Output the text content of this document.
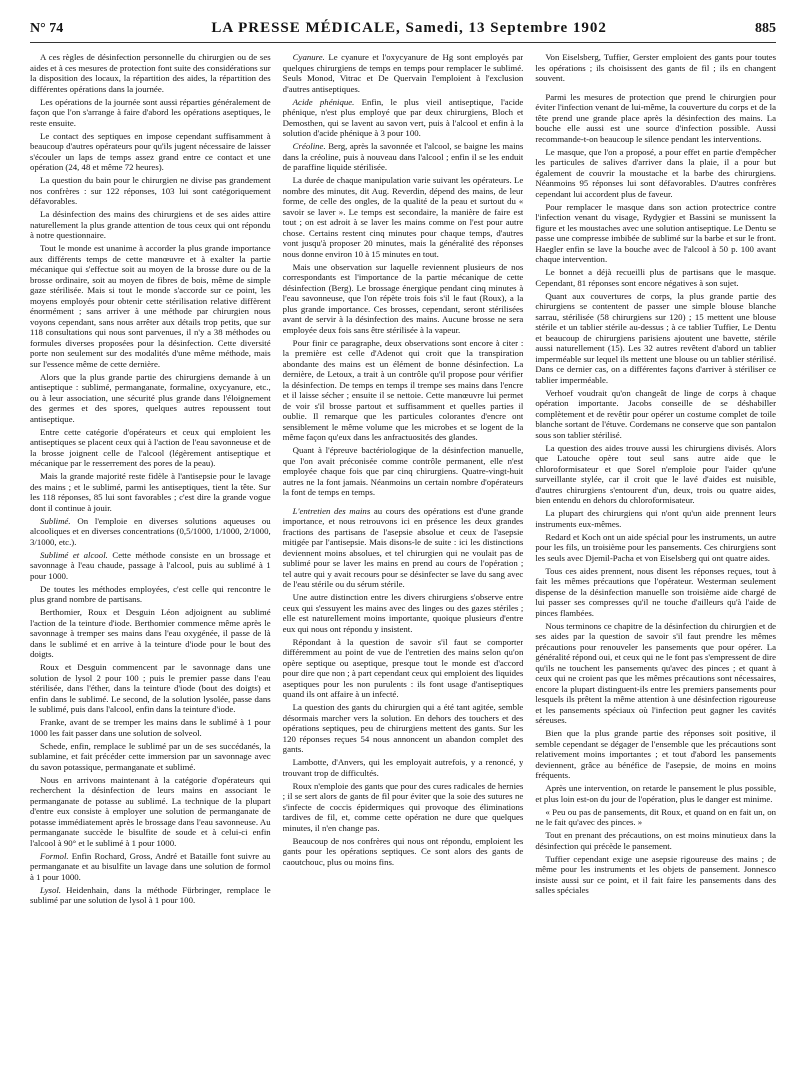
N° 74	LA PRESSE MÉDICALE, Samedi, 13 Septembre 1902	885

A ces règles de désinfection personnelle du chirurgien ou de ses aides et à ces mesures de protection font suite des considérations sur la disposition des locaux, la répartition des aides, la répartition des différentes opérations dans la journée.

Les opérations de la journée sont aussi réparties généralement de façon que l'on s'arrange à faire d'abord les opérations aseptiques, le reste ensuite.

Le contact des septiques en impose cependant suffisamment à beaucoup d'autres opérateurs pour qu'ils jugent nécessaire de laisser s'écouler un laps de temps assez grand entre ce contact et une opération (24, 48 et même 72 heures).

La question du bain pour le chirurgien ne divise pas grandement nos confrères : sur 122 réponses, 103 lui sont catégoriquement défavorables.

La désinfection des mains des chirurgiens et de ses aides attire naturellement la plus grande attention de tous ceux qui ont répondu à notre questionnaire.

Tout le monde est unanime à accorder la plus grande importance aux différents temps de cette manœuvre et à exalter la partie mécanique qui s'effectue soit au moyen de la brosse dure ou de la brosse ordinaire, soit au moyen de fibres de bois, même de simple gaze stérilisée. Mais si tout le monde s'accorde sur ce point, les moyens employés pour obtenir cette stérilisation relative diffèrent énormément ; sans arriver à une méthode par chirurgien nous voyons cependant, sans nous arrêter aux détails trop petits, que sur 118 consultations qui nous sont parvenues, il n'y a 38 méthodes ou formules diverses proposées pour la désinfection. Cette diversité porte non seulement sur des modalités d'une même méthode, mais sur l'essence même de cette dernière.

Alors que la plus grande partie des chirurgiens demande à un antiseptique : sublimé, permanganate, formaline, oxycyanure, etc., ou à leur association, une sécurité plus grande dans l'éloignement des germes et des spores, quelques autres repoussent tout antiseptique.

Entre cette catégorie d'opérateurs et ceux qui emploient les antiseptiques se placent ceux qui à l'action de l'eau savonneuse et de la brosse joignent celle de l'alcool (légèrement antiseptique et mécanique par le resserrement des pores de la peau).

Mais la grande majorité reste fidèle à l'antisepsie pour le lavage des mains ; et le sublimé, parmi les antiseptiques, tient la tête. Sur les 118 réponses, 85 lui sont favorables ; c'est dire la grande vogue dont il continue à jouir.

Sublimé. On l'emploie en diverses solutions aqueuses ou alcooliques et en diverses concentrations (0,5/1000, 1/1000, 2/1000, 3/1000, etc.).

Sublimé et alcool. Cette méthode consiste en un brossage et savonnage à l'eau chaude, passage à l'alcool, puis au sublimé à 1 pour 1000.

De toutes les méthodes employées, c'est celle qui rencontre le plus grand nombre de partisans.

Berthomier, Roux et Desguin Léon adjoignent au sublimé l'action de la teinture d'iode. Berthomier commence même après le savonnage à tremper ses mains dans l'eau oxygénée, il passe de là dans le sublimé et en arrive à la teinture d'iode pour le bout des doigts.

Roux et Desguin commencent par le savonnage dans une solution de lysol 2 pour 100 ; puis le premier passe dans l'eau stérilisée, dans l'éther, dans la teinture d'iode (bout des doigts) et enfin dans le sublimé. Le second, de la solution lysolée, passe dans le sublimé, puis dans l'alcool, enfin dans la teinture d'iode.

Franke, avant de se tremper les mains dans le sublimé à 1 pour 1000 les fait passer dans une solution de solveol.

Schede, enfin, remplace le sublimé par un de ses succédanés, la sublamine, et fait précéder cette immersion par un savonnage avec du savon potassique, permanganate et sublimé.

Nous en arrivons maintenant à la catégorie d'opérateurs qui recherchent la désinfection de leurs mains en associant le permanganate de potasse au sublimé. La technique de la plupart d'entre eux consiste à employer une solution de permanganate de potasse immédiatement après le brossage dans l'eau savonneuse. Au permanganate succède le bisulfite de soude et à celui-ci enfin l'alcool à 90° et le sublimé à 1 pour 1000.

Formol. Enfin Rochard, Gross, André et Bataille font suivre au permanganate et au bisulfite un lavage dans une solution de formol à 1 pour 1000.

Lysol. Heidenhain, dans la méthode Fürbringer, remplace le sublimé par une solution de lysol à 1 pour 100.

Cyanure. Le cyanure et l'oxycyanure de Hg sont employés par quelques chirurgiens de temps en temps pour remplacer le sublimé. Seuls Monod, Vitrac et De Quervain l'emploient à l'exclusion d'autres antiseptiques.

Acide phénique. Enfin, le plus vieil antiseptique, l'acide phénique, n'est plus employé que par deux chirurgiens, Bloch et Demosthen, qui se lavent au savon vert, puis à l'alcool et enfin à la solution d'acide phénique à 3 pour 100.

Créoline. Berg, après la savonnée et l'alcool, se baigne les mains dans la créoline, puis à nouveau dans l'alcool ; enfin il se les enduit de paraffine liquide stérilisée.

La durée de chaque manipulation varie suivant les opérateurs. Le nombre des minutes, dit Aug. Reverdin, dépend des mains, de leur forme, de celle des ongles, de la qualité de la peau et surtout du « savoir se laver ». Le temps est secondaire, la manière de faire est tout ; on est adroit à se laver les mains comme on l'est pour autre chose. Certains restent cinq minutes pour chaque temps, d'autres vont jusqu'à proposer 20 minutes, mais la généralité des réponses nous donne environ 10 à 15 minutes en tout.

Mais une observation sur laquelle reviennent plusieurs de nos correspondants est l'importance de la partie mécanique de cette désinfection (Berg). Le brossage énergique pendant cinq minutes à l'eau savonneuse, que l'on répète trois fois s'il le faut (Roux), a la plus grande importance. Ces brosses, cependant, seront stérilisées avant de servir à la désinfection des mains. Aucune brosse ne sera employée deux fois sans être stérilisée à la vapeur.

Pour finir ce paragraphe, deux observations sont encore à citer : la première est celle d'Adenot qui croit que la transpiration abondante des mains est un élément de bonne désinfection. La dernière, de Letoux, a trait à un contrôle qu'il propose pour vérifier la désinfection. De temps en temps il trempe ses mains dans l'encre et il laisse sécher ; ensuite il se nettoie. Cette manœuvre lui permet de voir s'il brosse partout et suffisamment et quelles parties il oublie. Il remarque que les particules colorantes d'encre ont sensiblement le même volume que les microbes et se logent de la même façon qu'eux dans les anfractuosités des glandes.

Quant à l'épreuve bactériologique de la désinfection manuelle, que l'on avait préconisée comme contrôle permanent, elle n'est employée chaque fois que par cinq chirurgiens. Quatre-vingt-huit autres ne la font jamais. Néanmoins un certain nombre d'opérateurs la font de temps en temps.

L'entretien des mains au cours des opérations est d'une grande importance, et nous retrouvons ici en présence les deux grandes fractions des partisans de l'asepsie absolue et ceux de l'asepsie mitigée par l'antisepsie. Mais disons-le de suite : ici les distinctions deviennent moins absolues, et tel chirurgien qui ne voulait pas de sublimé pour se laver les mains en prend au cours de l'opération ; tel autre qui y avait recours pour se désinfecter se lave du sang avec de l'eau stérile ou du sérum stérile.

Une autre distinction entre les divers chirurgiens s'observe entre ceux qui s'essuyent les mains avec des linges ou des gazes stériles ; elle est naturellement moins importante, quoique plusieurs d'entre eux qui nous ont répondu y insistent.

Répondant à la question de savoir s'il faut se comporter différemment au point de vue de l'entretien des mains selon qu'on opère septique ou aseptique, presque tout le monde est d'accord pour dire que non ; à part cependant ceux qui emploient des liquides aseptiques pour les non purulents : ils font usage d'antiseptiques quand ils ont affaire à un infecté.

La question des gants du chirurgien qui a été tant agitée, semble désormais marcher vers la solution. En dehors des touchers et des opérations septiques, peu de chirurgiens mettent des gants. Sur les 120 réponses reçues 54 nous annoncent un abandon complet des gants.

Lambotte, d'Anvers, qui les employait autrefois, y a renoncé, y trouvant trop de difficultés.

Roux n'emploie des gants que pour des cures radicales de hernies ; il se sert alors de gants de fil pour éviter que la soie des sutures ne s'infecte de coccis épidermiques qui provoque des éliminations tardives de fil, et, comme cette opération ne dure que quelques minutes, il n'en change pas.

Beaucoup de nos confrères qui nous ont répondu, emploient les gants pour les opérations septiques. Ce sont alors des gants de caoutchouc, plus ou moins fins.

Von Eiselsberg, Tuffier, Gerster emploient des gants pour toutes les opérations ; ils choisissent des gants de fil ; ils en changent souvent.

Parmi les mesures de protection que prend le chirurgien pour éviter l'infection venant de lui-même, la couverture du corps et de la tête prend une grande place après la désinfection des mains. La bouche elle aussi est une source d'infection possible. Aussi recommande-t-on beaucoup le silence pendant les interventions.

Le masque, que l'on a proposé, a pour effet en partie d'empêcher les particules de salives d'arriver dans la plaie, il a pour but également de couvrir la moustache et la barbe des chirurgiens. Néanmoins 95 réponses lui sont défavorables. D'autres confrères cependant lui accordent plus de faveur.

Pour remplacer le masque dans son action protectrice contre l'infection venant du visage, Rydygier et Bassini se munissent la figure et les moustaches avec une solution antiseptique. Le Dentu se passe une compresse imbibée de sublimé sur la barbe et sur le front. Haegler enfin se lave la bouche avec de l'alcool à 50 p. 100 avant chaque intervention.

Le bonnet a déjà recueilli plus de partisans que le masque. Cependant, 81 réponses sont encore négatives à son sujet.

Quant aux couvertures de corps, la plus grande partie des chirurgiens se contentent de passer une simple blouse blanche sarrau, stérilisée (58 chirurgiens sur 120) ; 15 mettent une blouse stérile et un tablier stérile au-dessus ; à ce tablier Tuffier, Le Dentu et beaucoup de chirurgiens parisiens ajoutent une bavette, stérile aussi naturellement (15). Les 32 autres revêtent d'abord un tablier imperméable sur lequel ils mettent une blouse ou un tablier stérilisé. Dans ce dernier cas, on a différentes façons d'arriver à stériliser ce tablier imperméable.

Verhoef voudrait qu'on changeât de linge de corps à chaque opération importante. Jacobs conseille de se déshabiller complètement et de revêtir pour opérer un costume complet de toile blanche sortant de l'étuve. Cordemans ne conserve que son pantalon sous son tablier stérilisé.

La question des aides trouve aussi les chirurgiens divisés. Alors que Latouche opère tout seul sans autre aide que le chloroformisateur et que Sorel n'emploie pour l'aider qu'une surveillante stylée, car il croit que le lavé d'aides est nuisible, d'autres chirurgiens s'entourent d'un, deux, trois ou quatre aides, bien entendu en dehors du chloroformisateur.

La plupart des chirurgiens qui n'ont qu'un aide prennent leurs instruments eux-mêmes.

Redard et Koch ont un aide spécial pour les instruments, un autre pour les fils, un troisième pour les pansements. Ces chirurgiens sont les seuls avec Djemil-Pacha et von Eiselsberg qui ont quatre aides.

Tous ces aides prennent, nous disent les réponses reçues, tout à fait les mêmes précautions que l'opérateur. Westerman seulement dispense de la désinfection manuelle son troisième aide chargé de lui passer ses compresses qu'il ne touche d'ailleurs qu'à l'aide de pinces flambées.

Nous terminons ce chapitre de la désinfection du chirurgien et de ses aides par la question de savoir s'il faut prendre les mêmes précautions pour renouveler les pansements que pour opérer. La généralité répond oui, et ceux qui ne le font pas s'empressent de dire qu'ils ne touchent les pansements qu'avec des pinces ; et quant à ceux qui ne croient pas que les mêmes précautions sont nécessaires, encore la plupart distinguent-ils entre les premiers pansements pour lesquels ils prêtent la même attention à une désinfection rigoureuse et les pansements spéciaux où l'infection peut gagner les cavités séreuses.

Bien que la plus grande partie des réponses soit positive, il semble cependant se dégager de l'ensemble que les précautions sont relativement moins importantes ; et tout d'abord les pansements deviennent, grâce au bénéfice de l'asepsie, de moins en moins fréquents.

Après une intervention, on retarde le pansement le plus possible, et plus loin est-on du jour de l'opération, plus le danger est minime.

« Peu ou pas de pansements, dit Roux, et quand on en fait un, on ne le fait qu'avec des pinces. »

Tout en prenant des précautions, on est moins minutieux dans la désinfection qui précède le pansement.

Tuffier cependant exige une asepsie rigoureuse des mains ; de même pour les instruments et les objets de pansement. Jonnesco insiste aussi sur ce point, et il fait faire les pansements dans des salles spéciales
